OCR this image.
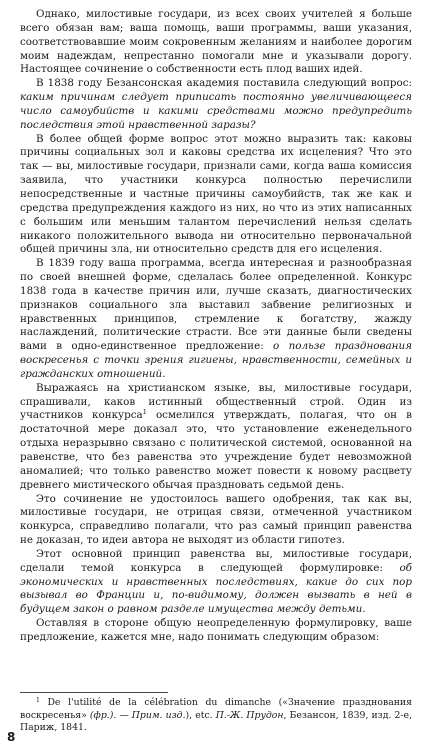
Однако, милостивые государи, из всех своих учителей я больше всего обязан вам; ваша помощь, ваши программы, ваши указания, соответствовавшие моим сокровенным желаниям и наиболее дорогим моим надеждам, непрестанно помогали мне и указывали дорогу. Настоящее сочинение о собственности есть плод ваших идей.

В 1838 году Безансонская академия поставила следующий вопрос: каким причинам следует приписать постоянно увеличивающееся число самоубийств и какими средствами можно предупредить последствия этой нравственной заразы?

В более общей форме вопрос этот можно выразить так: каковы причины социальных зол и каковы средства их исцеления? Что это так — вы, милостивые государи, признали сами, когда ваша комиссия заявила, что участники конкурса полностью перечислили непосредственные и частные причины самоубийств, так же как и средства предупреждения каждого из них, но что из этих написанных с большим или меньшим талантом перечислений нельзя сделать никакого положительного вывода ни относительно первоначальной общей причины зла, ни относительно средств для его исцеления.

В 1839 году ваша программа, всегда интересная и разнообразная по своей внешней форме, сделалась более определенной. Конкурс 1838 года в качестве причин или, лучше сказать, диагностических признаков социального зла выставил забвение религиозных и нравственных принципов, стремление к богатству, жажду наслаждений, политические страсти. Все эти данные были сведены вами в одно-единственное предложение: о пользе празднования воскресенья с точки зрения гигиены, нравственности, семейных и гражданских отношений.

Выражаясь на христианском языке, вы, милостивые государи, спрашивали, каков истинный общественный строй. Один из участников конкурса$^1$ осмелился утверждать, полагая, что он в достаточной мере доказал это, что установление еженедельного отдыха неразрывно связано с политической системой, основанной на равенстве, что без равенства это учреждение будет невозможной аномалией; что только равенство может повести к новому расцвету древнего мистического обычая праздновать седьмой день.

Это сочинение не удостоилось вашего одобрения, так как вы, милостивые государи, не отрицая связи, отмеченной участником конкурса, справедливо полагали, что раз самый принцип равенства не доказан, то идеи автора не выходят из области гипотез.

Этот основной принцип равенства вы, милостивые государи, сделали темой конкурса в следующей формулировке: об экономических и нравственных последствиях, какие до сих пор вызывал во Франции и, по-видимому, должен вызвать в ней в будущем закон о равном разделе имущества между детьми.

Оставляя в стороне общую неопределенную формулировку, ваше предложение, кажется мне, надо понимать следующим образом:

$^1$ De l'utilité de la célébration du dimanche («Значение празднования воскресенья» (фр.). — Прим. изд.), etc. П.-Ж. Прудон, Безансон, 1839, изд. 2-е, Париж, 1841.

8
